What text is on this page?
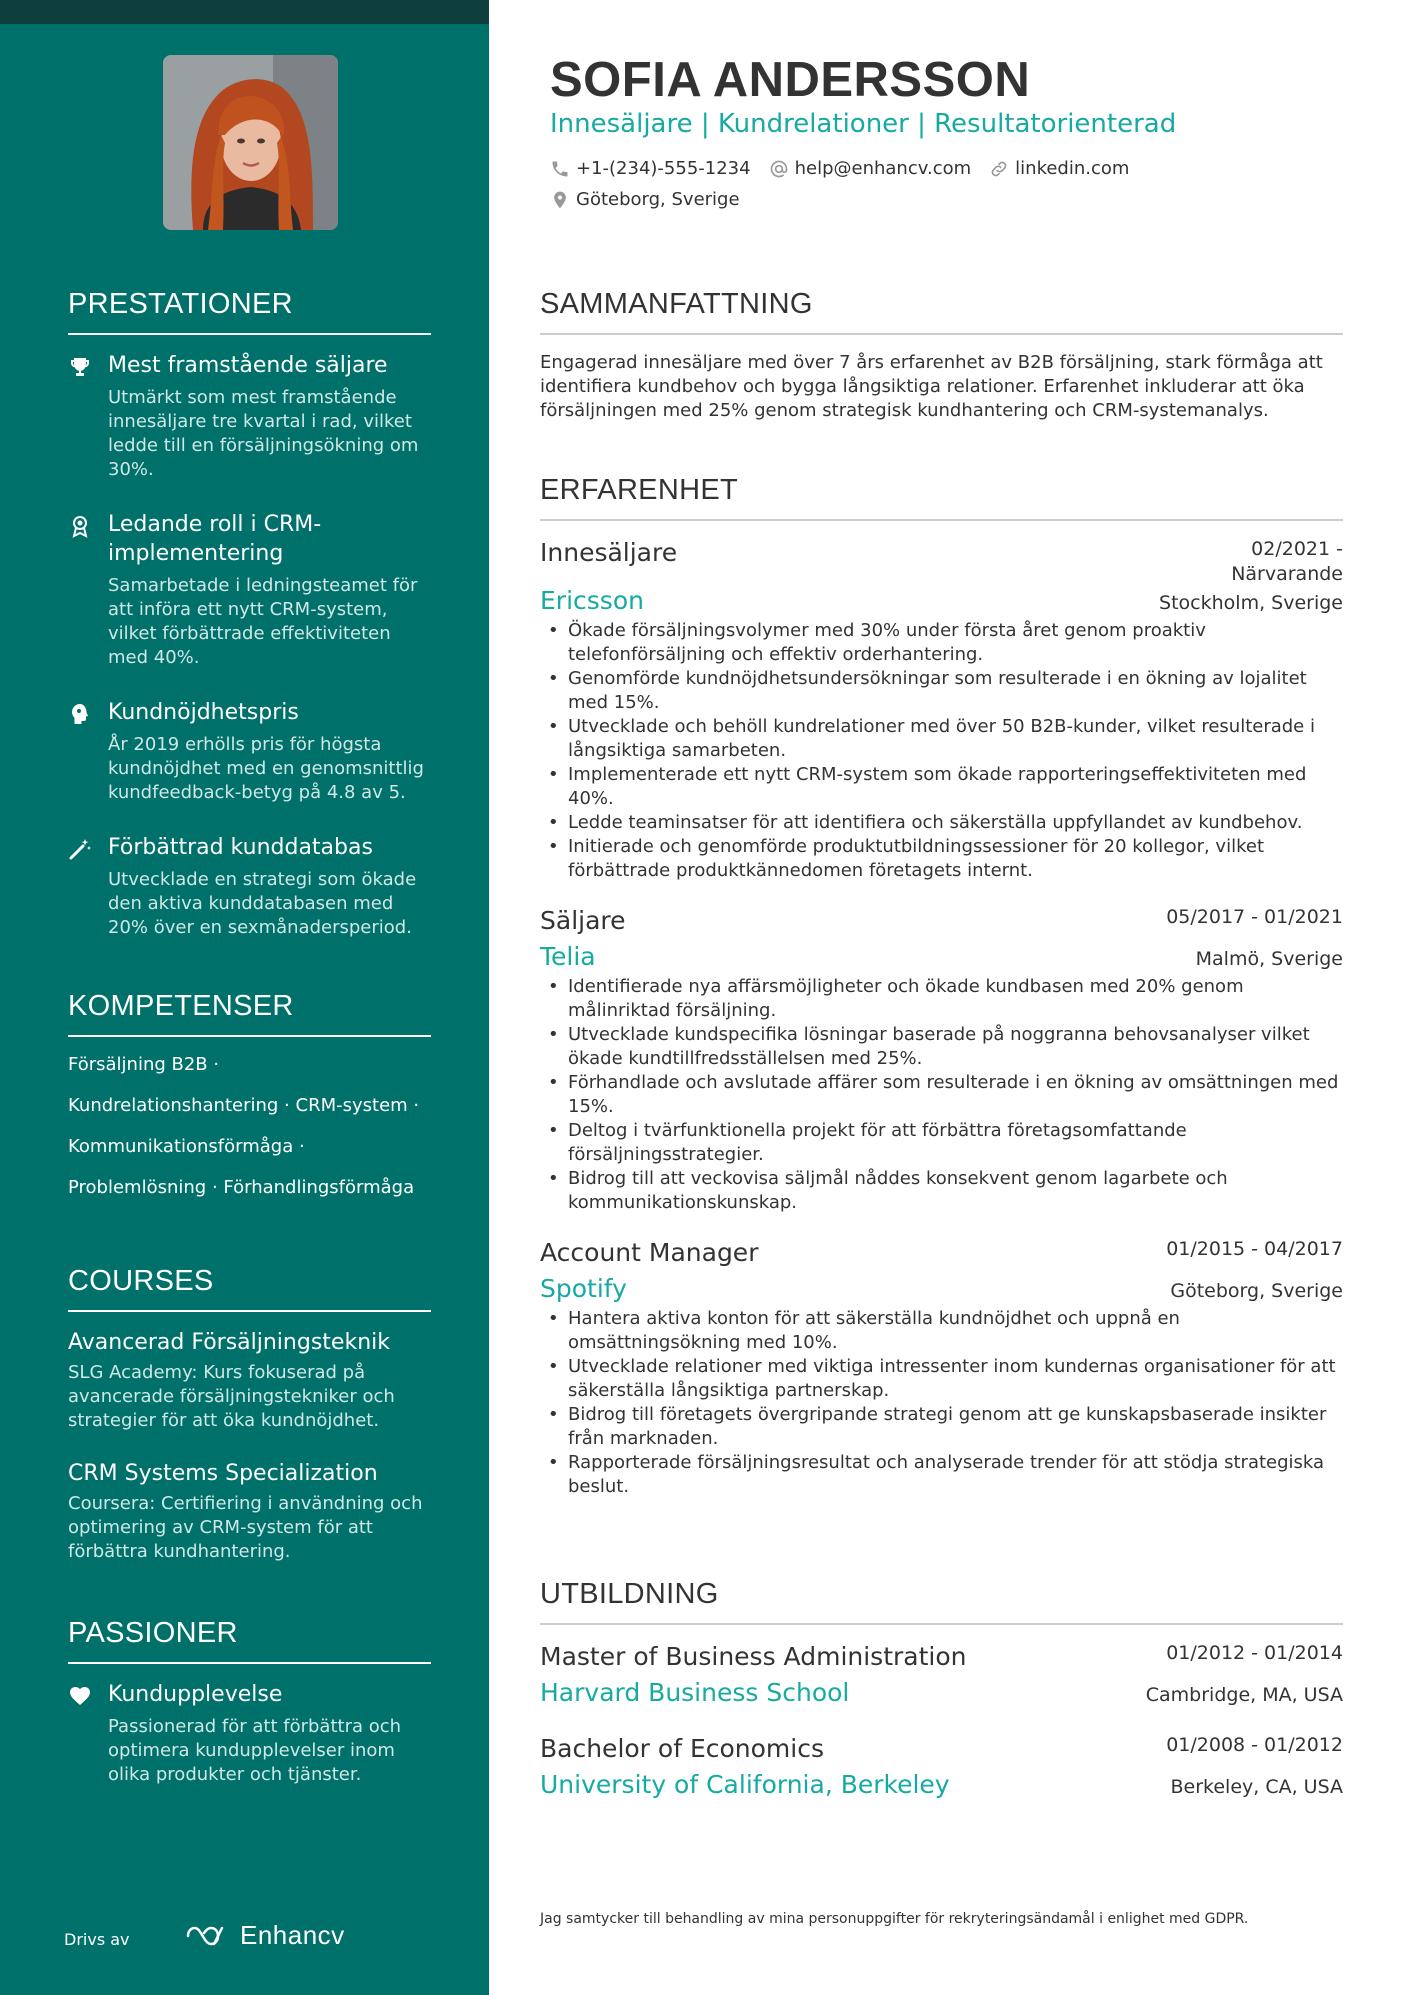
PRESTATIONER
Mest framstående säljare
Utmärkt som mest framstående innesäljare tre kvartal i rad, vilket ledde till en försäljningsökning om 30%.
Ledande roll i CRM-implementering
Samarbetade i ledningsteamet för att införa ett nytt CRM-system, vilket förbättrade effektiviteten med 40%.
Kundnöjdhetspris
År 2019 erhölls pris för högsta kundnöjdhet med en genomsnittlig kundfeedback-betyg på 4.8 av 5.
Förbättrad kunddatabas
Utvecklade en strategi som ökade den aktiva kunddatabasen med 20% över en sexmånadersperiod.
KOMPETENSER
Försäljning B2B ·
Kundrelationshantering · CRM-system ·
Kommunikationsförmåga ·
Problemlösning · Förhandlingsförmåga
COURSES
Avancerad Försäljningsteknik
SLG Academy: Kurs fokuserad på avancerade försäljningstekniker och strategier för att öka kundnöjdhet.
CRM Systems Specialization
Coursera: Certifiering i användning och optimering av CRM-system för att förbättra kundhantering.
PASSIONER
Kundupplevelse
Passionerad för att förbättra och optimera kundupplevelser inom olika produkter och tjänster.
Drivs av	Enhancv
SOFIA ANDERSSON
Innesäljare | Kundrelationer | Resultatorienterad
+1-(234)-555-1234 help@enhancv.com linkedin.com
Göteborg, Sverige
SAMMANFATTNING
Engagerad innesäljare med över 7 års erfarenhet av B2B försäljning, stark förmåga att identifiera kundbehov och bygga långsiktiga relationer. Erfarenhet inkluderar att öka försäljningen med 25% genom strategisk kundhantering och CRM-systemanalys.
ERFARENHET
Innesäljare	02/2021 -
Närvarande
Ericsson	Stockholm, Sverige
• Ökade försäljningsvolymer med 30% under första året genom proaktiv telefonförsäljning och effektiv orderhantering.
• Genomförde kundnöjdhetsundersökningar som resulterade i en ökning av lojalitet med 15%.
• Utvecklade och behöll kundrelationer med över 50 B2B-kunder, vilket resulterade i långsiktiga samarbeten.
• Implementerade ett nytt CRM-system som ökade rapporteringseffektiviteten med 40%.
• Ledde teaminsatser för att identifiera och säkerställa uppfyllandet av kundbehov.
• Initierade och genomförde produktutbildningssessioner för 20 kollegor, vilket förbättrade produktkännedomen företagets internt.
Säljare	05/2017 - 01/2021
Telia	Malmö, Sverige
• Identifierade nya affärsmöjligheter och ökade kundbasen med 20% genom målinriktad försäljning.
• Utvecklade kundspecifika lösningar baserade på noggranna behovsanalyser vilket ökade kundtillfredsställelsen med 25%.
• Förhandlade och avslutade affärer som resulterade i en ökning av omsättningen med 15%.
• Deltog i tvärfunktionella projekt för att förbättra företagsomfattande försäljningsstrategier.
• Bidrog till att veckovisa säljmål nåddes konsekvent genom lagarbete och kommunikationskunskap.
Account Manager	01/2015 - 04/2017
Spotify	Göteborg, Sverige
• Hantera aktiva konton för att säkerställa kundnöjdhet och uppnå en omsättningsökning med 10%.
• Utvecklade relationer med viktiga intressenter inom kundernas organisationer för att säkerställa långsiktiga partnerskap.
• Bidrog till företagets övergripande strategi genom att ge kunskapsbaserade insikter från marknaden.
• Rapporterade försäljningsresultat och analyserade trender för att stödja strategiska beslut.
UTBILDNING
Master of Business Administration	01/2012 - 01/2014
Harvard Business School	Cambridge, MA, USA
Bachelor of Economics	01/2008 - 01/2012
University of California, Berkeley	Berkeley, CA, USA
Jag samtycker till behandling av mina personuppgifter för rekryteringsändamål i enlighet med GDPR.
